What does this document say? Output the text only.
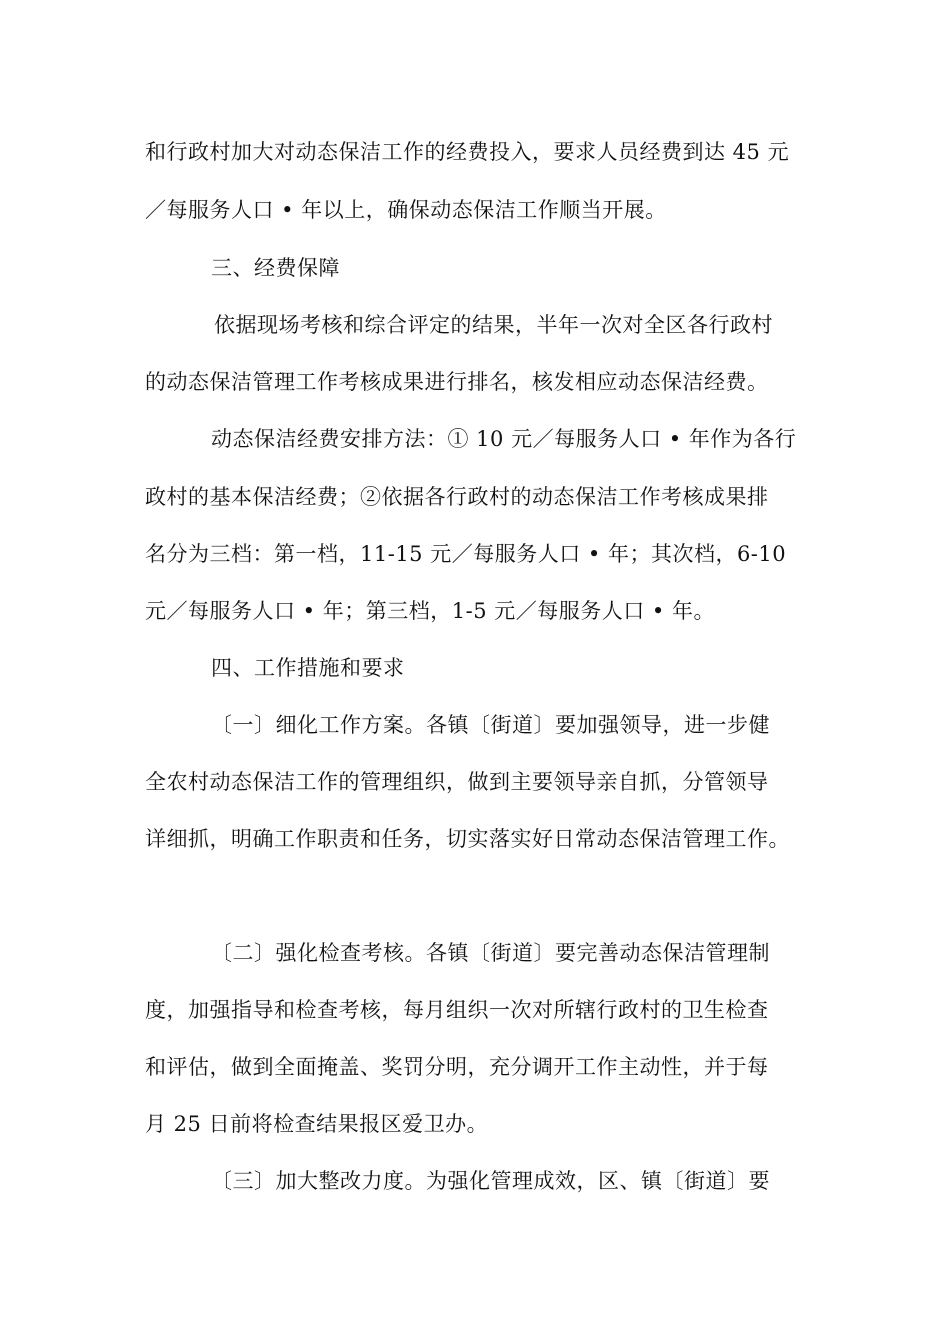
和行政村加大对动态保洁工作的经费投入，要求人员经费到达 45 元
／每服务人口 • 年以上，确保动态保洁工作顺当开展。
三、经费保障
依据现场考核和综合评定的结果，半年一次对全区各行政村
的动态保洁管理工作考核成果进行排名，核发相应动态保洁经费。
动态保洁经费安排方法：① 10 元／每服务人口 • 年作为各行
政村的基本保洁经费；②依据各行政村的动态保洁工作考核成果排
名分为三档：第一档，11-15 元／每服务人口 • 年；其次档，6-10
元／每服务人口 • 年；第三档，1-5 元／每服务人口 • 年。
四、工作措施和要求
〔一〕细化工作方案。各镇〔街道〕要加强领导，进一步健
全农村动态保洁工作的管理组织，做到主要领导亲自抓，分管领导
详细抓，明确工作职责和任务，切实落实好日常动态保洁管理工作。
〔二〕强化检查考核。各镇〔街道〕要完善动态保洁管理制
度，加强指导和检查考核，每月组织一次对所辖行政村的卫生检查
和评估，做到全面掩盖、奖罚分明，充分调开工作主动性，并于每
月 25 日前将检查结果报区爱卫办。
〔三〕加大整改力度。为强化管理成效，区、镇〔街道〕要
